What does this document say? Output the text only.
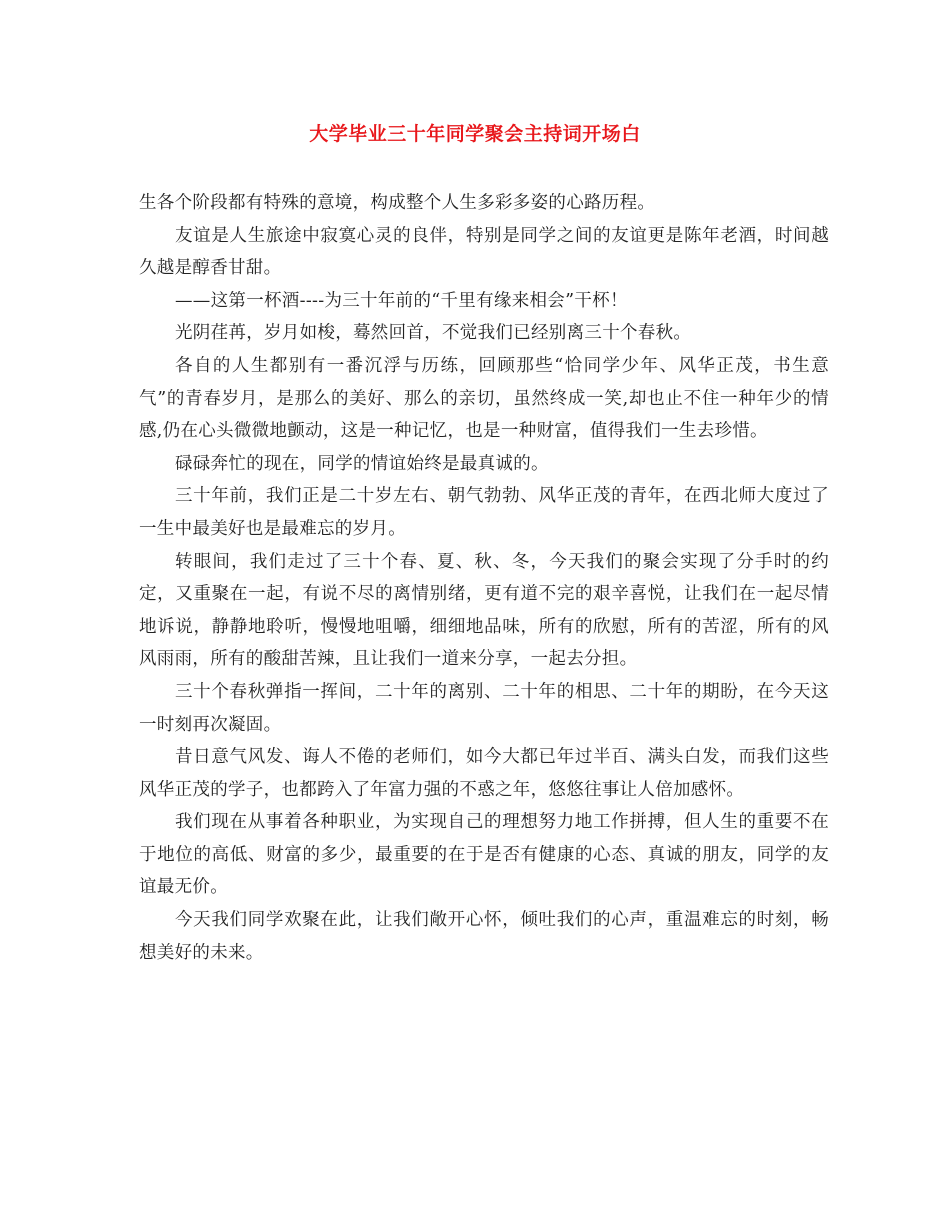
大学毕业三十年同学聚会主持词开场白

生各个阶段都有特殊的意境，构成整个人生多彩多姿的心路历程。

友谊是人生旅途中寂寞心灵的良伴，特别是同学之间的友谊更是陈年老酒，时间越久越是醇香甘甜。

——这第一杯酒----为三十年前的“千里有缘来相会”干杯！

光阴荏苒，岁月如梭，蓦然回首，不觉我们已经别离三十个春秋。

各自的人生都别有一番沉浮与历练，回顾那些“恰同学少年、风华正茂，书生意气”的青春岁月，是那么的美好、那么的亲切，虽然终成一笑,却也止不住一种年少的情感,仍在心头微微地颤动，这是一种记忆，也是一种财富，值得我们一生去珍惜。

碌碌奔忙的现在，同学的情谊始终是最真诚的。

三十年前，我们正是二十岁左右、朝气勃勃、风华正茂的青年，在西北师大度过了一生中最美好也是最难忘的岁月。

转眼间，我们走过了三十个春、夏、秋、冬，今天我们的聚会实现了分手时的约定，又重聚在一起，有说不尽的离情别绪，更有道不完的艰辛喜悦，让我们在一起尽情地诉说，静静地聆听，慢慢地咀嚼，细细地品味，所有的欣慰，所有的苦涩，所有的风风雨雨，所有的酸甜苦辣，且让我们一道来分享，一起去分担。

三十个春秋弹指一挥间，二十年的离别、二十年的相思、二十年的期盼，在今天这一时刻再次凝固。

昔日意气风发、诲人不倦的老师们，如今大都已年过半百、满头白发，而我们这些风华正茂的学子，也都跨入了年富力强的不惑之年，悠悠往事让人倍加感怀。

我们现在从事着各种职业，为实现自己的理想努力地工作拼搏，但人生的重要不在于地位的高低、财富的多少，最重要的在于是否有健康的心态、真诚的朋友，同学的友谊最无价。

今天我们同学欢聚在此，让我们敞开心怀，倾吐我们的心声，重温难忘的时刻，畅想美好的未来。
